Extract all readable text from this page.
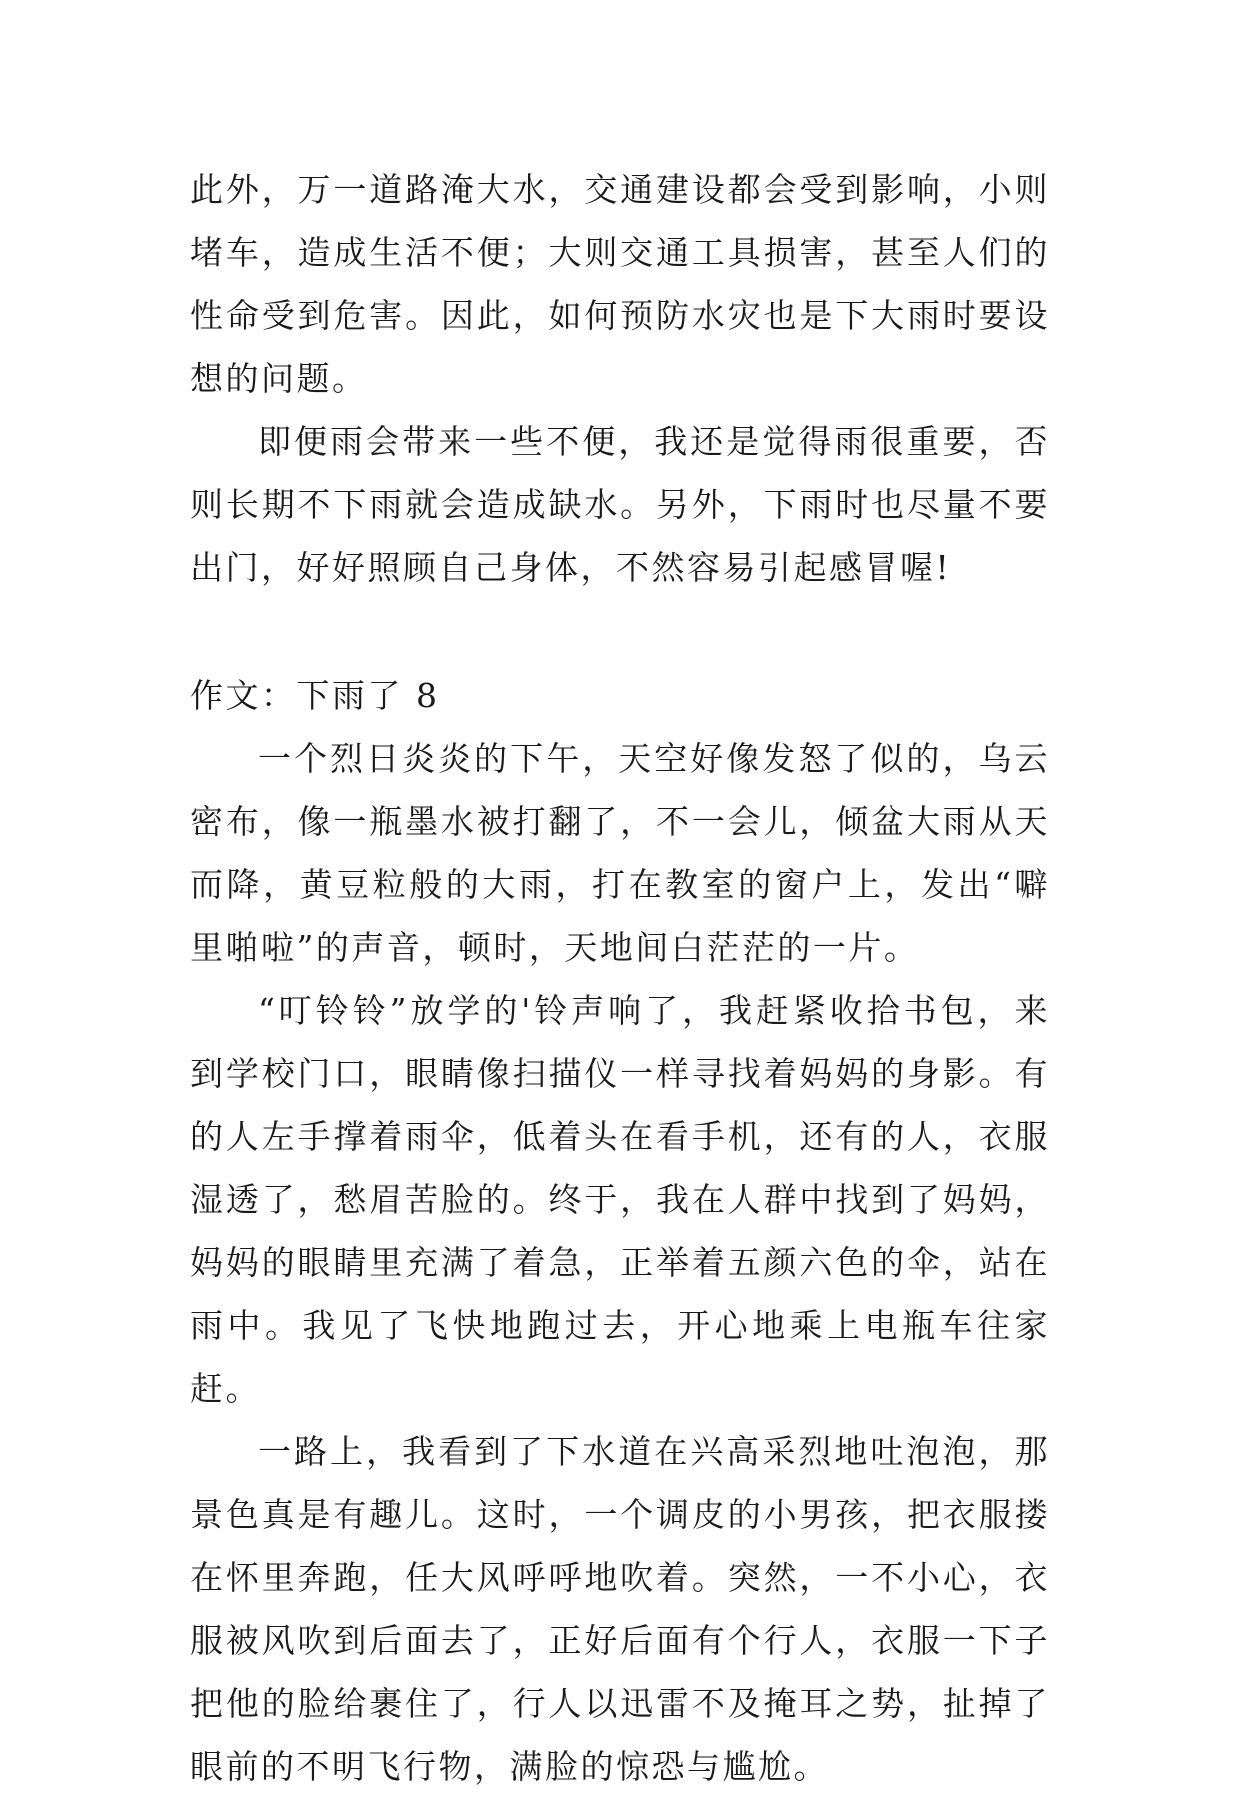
此外，万一道路淹大水，交通建设都会受到影响，小则堵车，造成生活不便；大则交通工具损害，甚至人们的性命受到危害。因此，如何预防水灾也是下大雨时要设想的问题。

即便雨会带来一些不便，我还是觉得雨很重要，否则长期不下雨就会造成缺水。另外，下雨时也尽量不要出门，好好照顾自己身体，不然容易引起感冒喔!

作文：下雨了 8

一个烈日炎炎的下午，天空好像发怒了似的，乌云密布，像一瓶墨水被打翻了，不一会儿，倾盆大雨从天而降，黄豆粒般的大雨，打在教室的窗户上，发出“噼里啪啦”的声音，顿时，天地间白茫茫的一片。

“叮铃铃”放学的'铃声响了，我赶紧收拾书包，来到学校门口，眼睛像扫描仪一样寻找着妈妈的身影。有的人左手撑着雨伞，低着头在看手机，还有的人，衣服湿透了，愁眉苦脸的。终于，我在人群中找到了妈妈，妈妈的眼睛里充满了着急，正举着五颜六色的伞，站在雨中。我见了飞快地跑过去，开心地乘上电瓶车往家赶。

一路上，我看到了下水道在兴高采烈地吐泡泡，那景色真是有趣儿。这时，一个调皮的小男孩，把衣服搂在怀里奔跑，任大风呼呼地吹着。突然，一不小心，衣服被风吹到后面去了，正好后面有个行人，衣服一下子把他的脸给裹住了，行人以迅雷不及掩耳之势，扯掉了眼前的不明飞行物，满脸的惊恐与尴尬。
